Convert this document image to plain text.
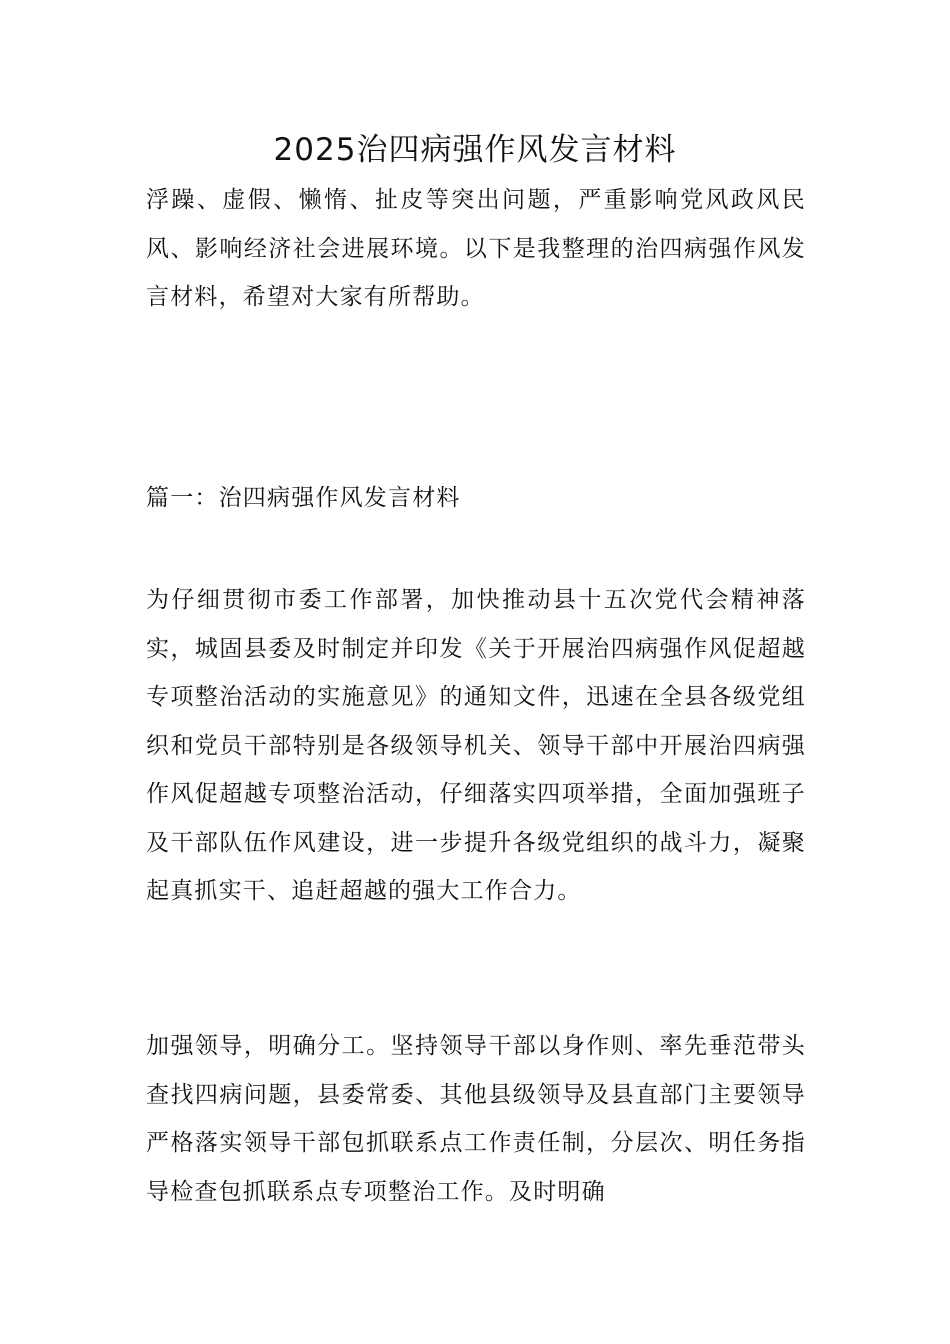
2025治四病强作风发言材料

浮躁、虚假、懒惰、扯皮等突出问题，严重影响党风政风民风、影响经济社会进展环境。以下是我整理的治四病强作风发言材料，希望对大家有所帮助。

篇一：治四病强作风发言材料

为仔细贯彻市委工作部署，加快推动县十五次党代会精神落实，城固县委及时制定并印发《关于开展治四病强作风促超越专项整治活动的实施意见》的通知文件，迅速在全县各级党组织和党员干部特别是各级领导机关、领导干部中开展治四病强作风促超越专项整治活动，仔细落实四项举措，全面加强班子及干部队伍作风建设，进一步提升各级党组织的战斗力，凝聚起真抓实干、追赶超越的强大工作合力。

加强领导，明确分工。坚持领导干部以身作则、率先垂范带头查找四病问题，县委常委、其他县级领导及县直部门主要领导严格落实领导干部包抓联系点工作责任制，分层次、明任务指导检查包抓联系点专项整治工作。及时明确
